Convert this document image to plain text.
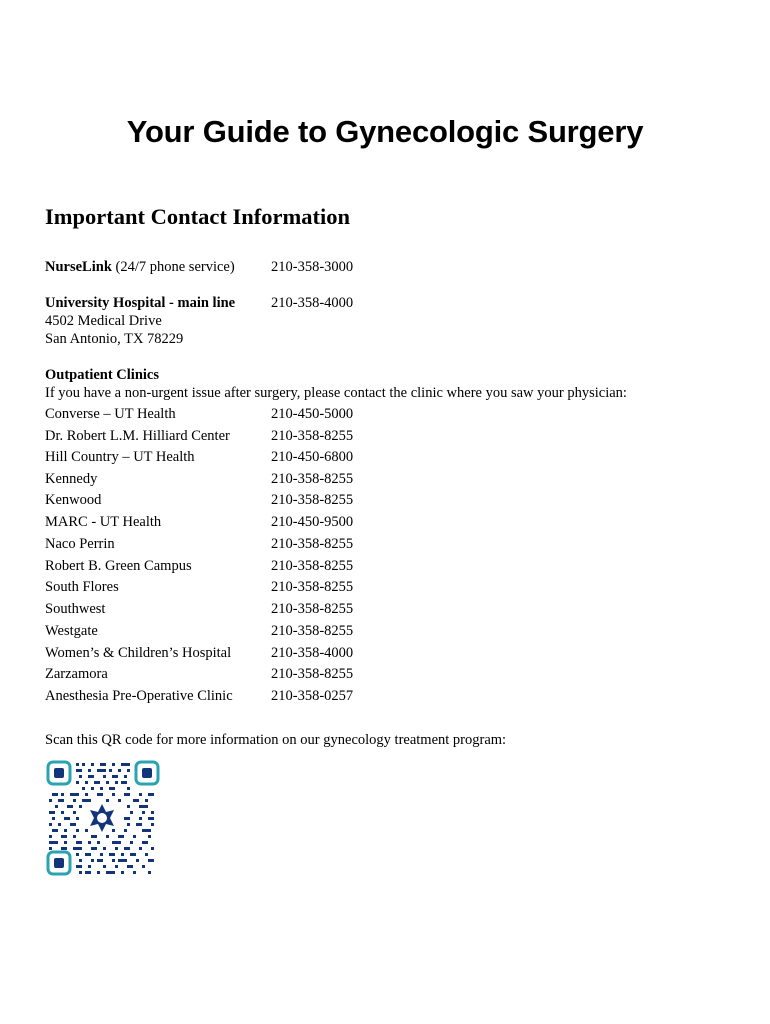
Your Guide to Gynecologic Surgery
Important Contact Information
NurseLink (24/7 phone service)	210-358-3000
University Hospital - main line 210-358-4000
4502 Medical Drive
San Antonio, TX 78229
Outpatient Clinics
If you have a non-urgent issue after surgery, please contact the clinic where you saw your physician:
Converse – UT Health	210-450-5000
Dr. Robert L.M. Hilliard Center	210-358-8255
Hill Country – UT Health	210-450-6800
Kennedy	210-358-8255
Kenwood	210-358-8255
MARC - UT Health	210-450-9500
Naco Perrin	210-358-8255
Robert B. Green Campus	210-358-8255
South Flores	210-358-8255
Southwest	210-358-8255
Westgate	210-358-8255
Women’s & Children’s Hospital	210-358-4000
Zarzamora	210-358-8255
Anesthesia Pre-Operative Clinic	210-358-0257
Scan this QR code for more information on our gynecology treatment program:
